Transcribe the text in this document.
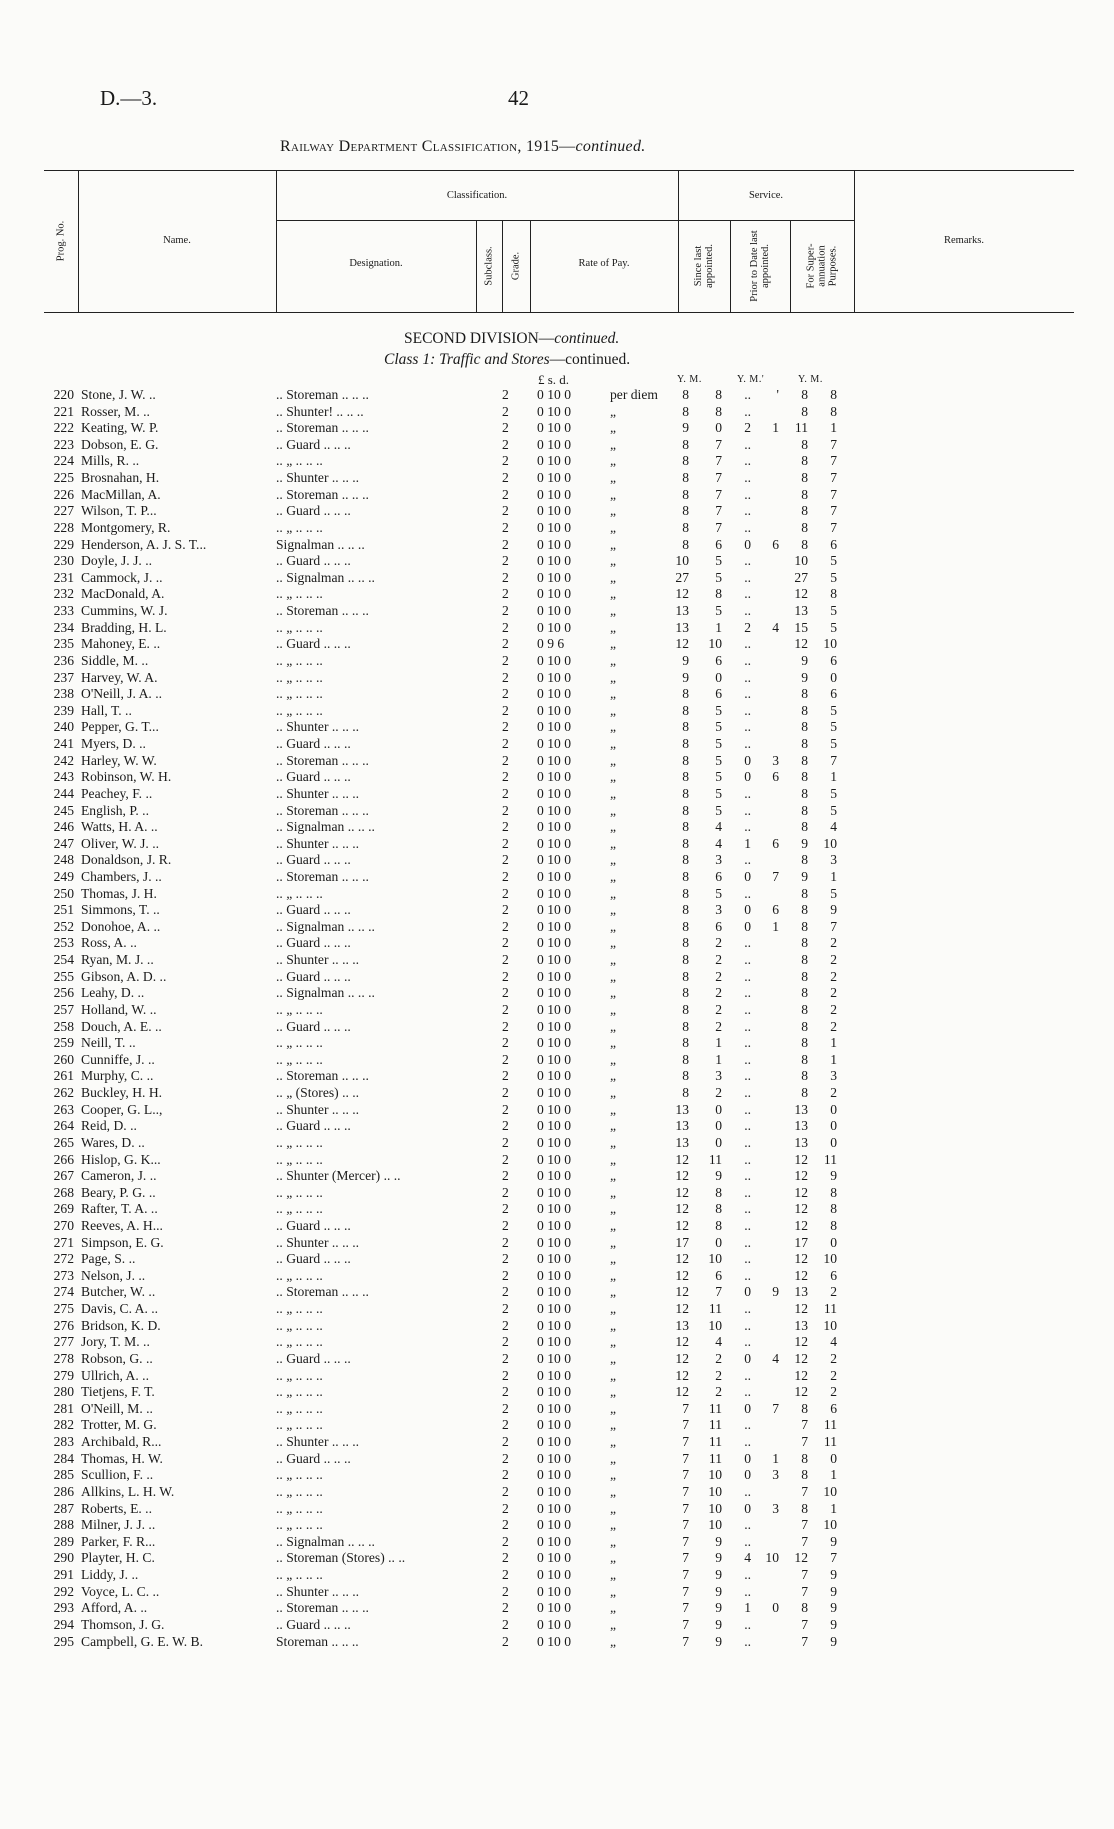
D.—3.	42
Railway Department Classification, 1915—continued.
Prog. No.	Name.
Classification.
Designation.	Subclass. Grade.	Rate of Pay.
Service.
Since last appointed.	Prior to Date last appointed.	For Super- annuation Purposes.
Remarks.
SECOND DIVISION—continued.
Class 1: Traffic and Stores—continued.
£ s. d.	Y. M.	Y. M.'	Y. M.
220 Stone, J. W. ..	.. Storeman .. .. ..	2 0 10 0	per diem	8	8	..	'	8	8
221 Rosser, M. ..	.. Shunter! .. .. ..	2 0 10 0	„	8	8	..	8	8
222 Keating, W. P.	.. Storeman .. .. ..	2 0 10 0	„	9	0	2	1	11	1
223 Dobson, E. G.	.. Guard .. .. ..	2 0 10 0	„	8	7	..	8	7
224 Mills, R. ..	.. „ .. .. ..	2 0 10 0	„	8	7	..	8	7
225 Brosnahan, H.	.. Shunter .. .. ..	2 0 10 0	„	8	7	..	8	7
226 MacMillan, A.	.. Storeman .. .. ..	2 0 10 0	„	8	7	..	8	7
227 Wilson, T. P...	.. Guard .. .. ..	2 0 10 0	„	8	7	..	8	7
228 Montgomery, R.	.. „ .. .. ..	2 0 10 0	„	8	7	..	8	7
229 Henderson, A. J. S. T...	Signalman .. .. ..	2 0 10 0	„	8	6	0	6	8	6
230 Doyle, J. J. ..	.. Guard .. .. ..	2 0 10 0	„	10	5	..	10	5
231 Cammock, J. ..	.. Signalman .. .. ..	2 0 10 0	„	27	5	..	27	5
232 MacDonald, A.	.. „ .. .. ..	2 0 10 0	„	12	8	..	12	8
233 Cummins, W. J.	.. Storeman .. .. ..	2 0 10 0	„	13	5	..	13	5
234 Bradding, H. L.	.. „ .. .. ..	2 0 10 0	„	13	1	2	4	15	5
235 Mahoney, E. ..	.. Guard .. .. ..	2 0 9 6	„	12 10	..	12 10
236 Siddle, M. ..	.. „ .. .. ..	2 0 10 0	„	9	6	..	9	6
237 Harvey, W. A.	.. „ .. .. ..	2 0 10 0	„	9	0	..	9	0
238 O'Neill, J. A. ..	.. „ .. .. ..	2 0 10 0	„	8	6	..	8	6
239 Hall, T. ..	.. „ .. .. ..	2 0 10 0	„	8	5	..	8	5
240 Pepper, G. T...	.. Shunter .. .. ..	2 0 10 0	„	8	5	..	8	5
241 Myers, D. ..	.. Guard .. .. ..	2 0 10 0	„	8	5	..	8	5
242 Harley, W. W.	.. Storeman .. .. ..	2 0 10 0	„	8	5	0	3	8	7
243 Robinson, W. H.	.. Guard .. .. ..	2 0 10 0	„	8	5	0	6	8	1
244 Peachey, F. ..	.. Shunter .. .. ..	2 0 10 0	„	8	5	..	8	5
245 English, P. ..	.. Storeman .. .. ..	2 0 10 0	„	8	5	..	8	5
246 Watts, H. A. ..	.. Signalman .. .. ..	2 0 10 0	„	8	4	..	8	4
247 Oliver, W. J. ..	.. Shunter .. .. ..	2 0 10 0	„	8	4	1	6	9 10
248 Donaldson, J. R.	.. Guard .. .. ..	2 0 10 0	„	8	3	..	8	3
249 Chambers, J. ..	.. Storeman .. .. ..	2 0 10 0	„	8	6	0	7	9	1
250 Thomas, J. H.	.. „ .. .. ..	2 0 10 0	„	8	5	..	8	5
251 Simmons, T. ..	.. Guard .. .. ..	2 0 10 0	„	8	3	0	6	8	9
252 Donohoe, A. ..	.. Signalman .. .. ..	2 0 10 0	„	8	6	0	1	8	7
253 Ross, A. ..	.. Guard .. .. ..	2 0 10 0	„	8	2	..	8	2
254 Ryan, M. J. ..	.. Shunter .. .. ..	2 0 10 0	„	8	2	..	8	2
255 Gibson, A. D. ..	.. Guard .. .. ..	2 0 10 0	„	8	2	..	8	2
256 Leahy, D. ..	.. Signalman .. .. ..	2 0 10 0	„	8	2	..	8	2
257 Holland, W. ..	.. „ .. .. ..	2 0 10 0	„	8	2	..	8	2
258 Douch, A. E. ..	.. Guard .. .. ..	2 0 10 0	„	8	2	..	8	2
259 Neill, T. ..	.. „ .. .. ..	2 0 10 0	„	8	1	..	8	1
260 Cunniffe, J. ..	.. „ .. .. ..	2 0 10 0	„	8	1	..	8	1
261 Murphy, C. ..	.. Storeman .. .. ..	2 0 10 0	„	8	3	..	8	3
262 Buckley, H. H.	.. „ (Stores) .. ..	2 0 10 0	„	8	2	..	8	2
263 Cooper, G. L..,	.. Shunter .. .. ..	2 0 10 0	„	13	0	..	13	0
264 Reid, D. ..	.. Guard .. .. ..	2 0 10 0	„	13	0	..	13	0
265 Wares, D. ..	.. „ .. .. ..	2 0 10 0	„	13	0	..	13	0
266 Hislop, G. K...	.. „ .. .. ..	2 0 10 0	„	12 11	..	12 11
267 Cameron, J. ..	.. Shunter (Mercer) .. ..	2 0 10 0	„	12	9	..	12	9
268 Beary, P. G. ..	.. „ .. .. ..	2 0 10 0	„	12	8	..	12	8
269 Rafter, T. A. ..	.. „ .. .. ..	2 0 10 0	„	12	8	..	12	8
270 Reeves, A. H...	.. Guard .. .. ..	2 0 10 0	„	12	8	..	12	8
271 Simpson, E. G.	.. Shunter .. .. ..	2 0 10 0	„	17	0	..	17	0
272 Page, S. ..	.. Guard .. .. ..	2 0 10 0	„	12 10	..	12 10
273 Nelson, J. ..	.. „ .. .. ..	2 0 10 0	„	12	6	..	12	6
274 Butcher, W. ..	.. Storeman .. .. ..	2 0 10 0	„	12	7	0	9	13	2
275 Davis, C. A. ..	.. „ .. .. ..	2 0 10 0	„	12 11	..	12 11
276 Bridson, K. D.	.. „ .. .. ..	2 0 10 0	„	13 10	..	13 10
277 Jory, T. M. ..	.. „ .. .. ..	2 0 10 0	„	12	4	..	12	4
278 Robson, G. ..	.. Guard .. .. ..	2 0 10 0	„	12	2	0	4	12	2
279 Ullrich, A. ..	.. „ .. .. ..	2 0 10 0	„	12	2	..	12	2
280 Tietjens, F. T.	.. „ .. .. ..	2 0 10 0	„	12	2	..	12	2
281 O'Neill, M. ..	.. „ .. .. ..	2 0 10 0	„	7 11	0	7	8	6
282 Trotter, M. G.	.. „ .. .. ..	2 0 10 0	„	7 11	..	7 11
283 Archibald, R...	.. Shunter .. .. ..	2 0 10 0	„	7 11	..	7 11
284 Thomas, H. W.	.. Guard .. .. ..	2 0 10 0	„	7 11	0	1	8	0
285 Scullion, F. ..	.. „ .. .. ..	2 0 10 0	„	7 10	0	3	8	1
286 Allkins, L. H. W.	.. „ .. .. ..	2 0 10 0	„	7 10	..	7 10
287 Roberts, E. ..	.. „ .. .. ..	2 0 10 0	„	7 10	0	3	8	1
288 Milner, J. J. ..	.. „ .. .. ..	2 0 10 0	„	7 10	..	7 10
289 Parker, F. R...	.. Signalman .. .. ..	2 0 10 0	„	7	9	..	7	9
290 Playter, H. C.	.. Storeman (Stores) .. ..	2 0 10 0	„	7	9	4 10	12	7
291 Liddy, J. ..	.. „ .. .. ..	2 0 10 0	„	7	9	..	7	9
292 Voyce, L. C. ..	.. Shunter .. .. ..	2 0 10 0	„	7	9	..	7	9
293 Afford, A. ..	.. Storeman .. .. ..	2 0 10 0	„	7	9	1	0	8	9
294 Thomson, J. G.	.. Guard .. .. ..	2 0 10 0	„	7	9	..	7	9
295 Campbell, G. E. W. B.	Storeman .. .. ..	2 0 10 0	„	7	9	..	7	9
